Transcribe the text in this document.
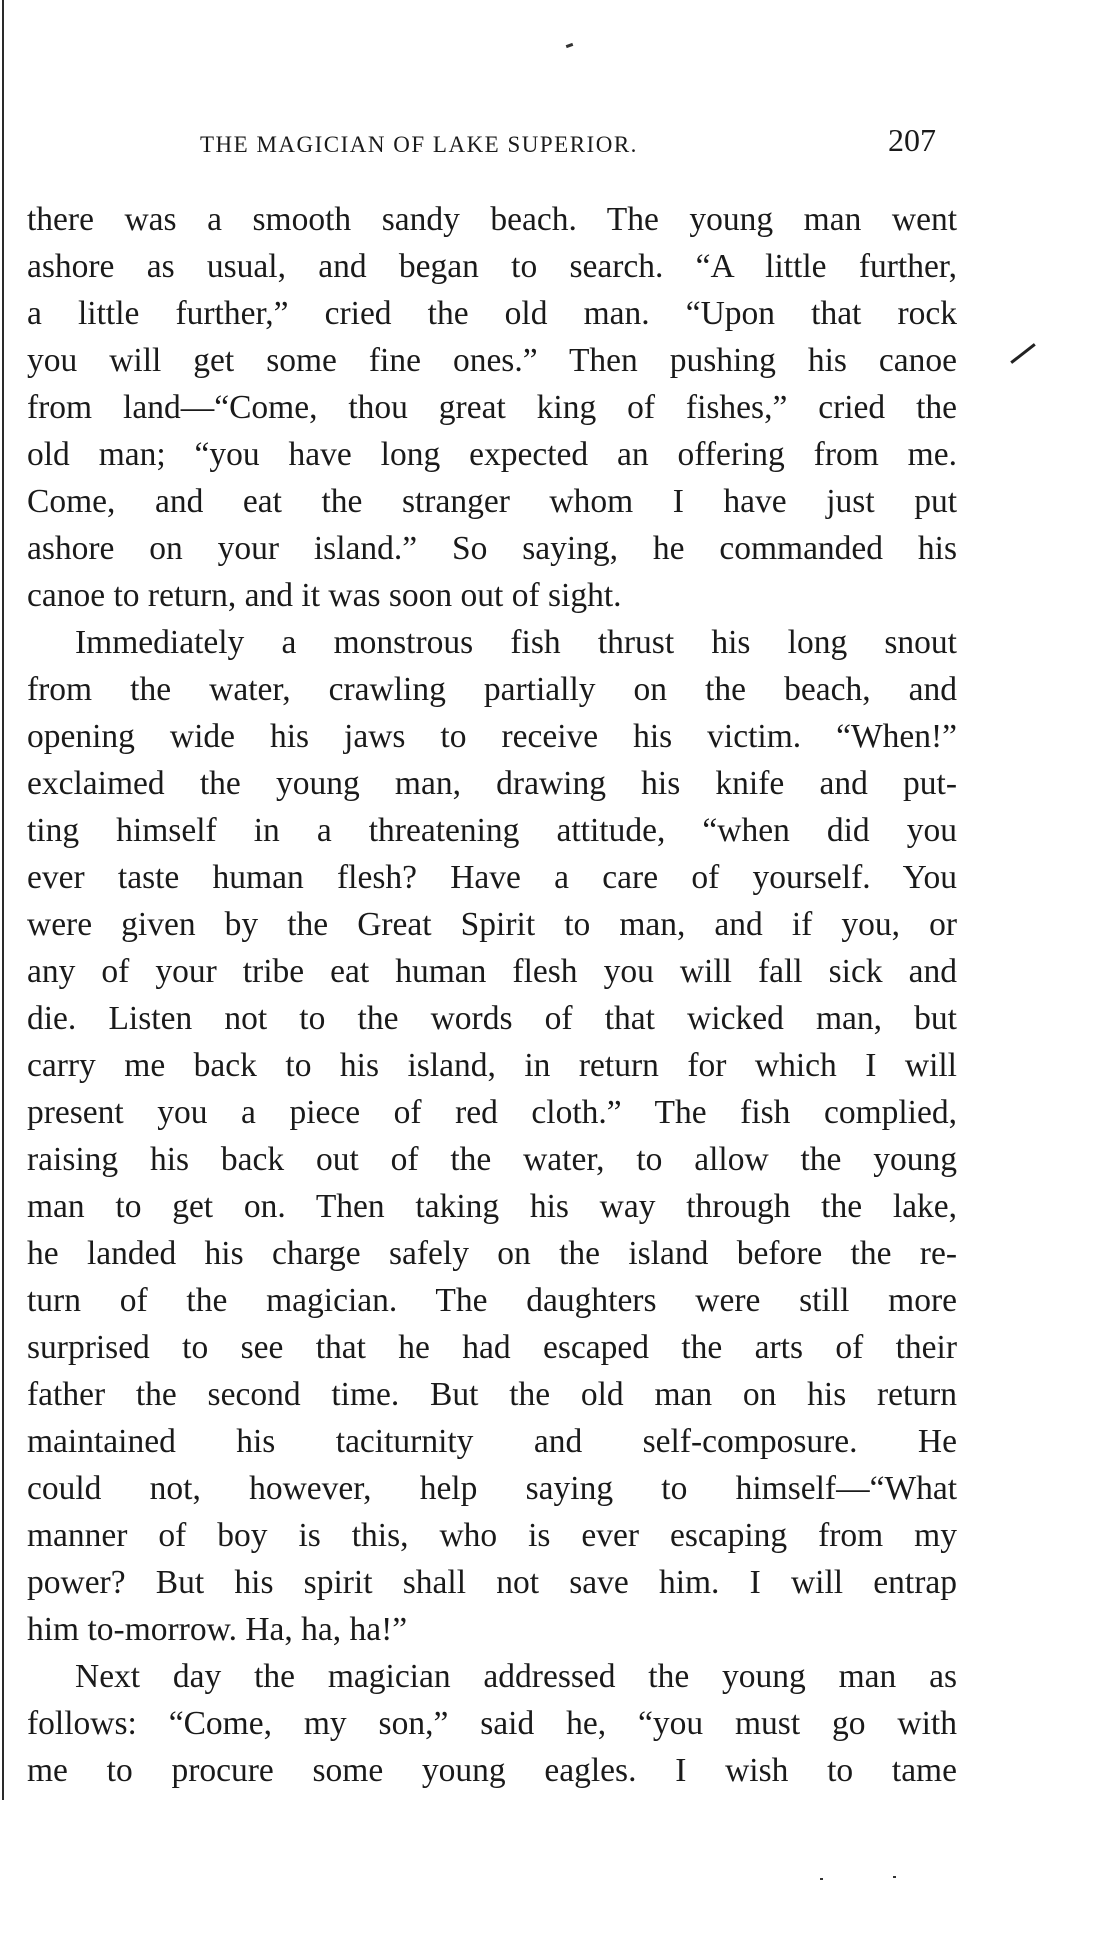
THE MAGICIAN OF LAKE SUPERIOR.	207
there was a smooth sandy beach. The young man went
ashore as usual, and began to search. “A little further,
a little further,” cried the old man. “Upon that rock
you will get some fine ones.” Then pushing his canoe
from land—“Come, thou great king of fishes,” cried the
old man; “you have long expected an offering from me.
Come, and eat the stranger whom I have just put
ashore on your island.” So saying, he commanded his
canoe to return, and it was soon out of sight.
Immediately a monstrous fish thrust his long snout
from the water, crawling partially on the beach, and
opening wide his jaws to receive his victim. “When!”
exclaimed the young man, drawing his knife and put-
ting himself in a threatening attitude, “when did you
ever taste human flesh? Have a care of yourself. You
were given by the Great Spirit to man, and if you, or
any of your tribe eat human flesh you will fall sick and
die. Listen not to the words of that wicked man, but
carry me back to his island, in return for which I will
present you a piece of red cloth.” The fish complied,
raising his back out of the water, to allow the young
man to get on. Then taking his way through the lake,
he landed his charge safely on the island before the re-
turn of the magician. The daughters were still more
surprised to see that he had escaped the arts of their
father the second time. But the old man on his return
maintained his taciturnity and self-composure. He
could not, however, help saying to himself—“What
manner of boy is this, who is ever escaping from my
power? But his spirit shall not save him. I will entrap
him to-morrow. Ha, ha, ha!”
Next day the magician addressed the young man as
follows: “Come, my son,” said he, “you must go with
me to procure some young eagles. I wish to tame
